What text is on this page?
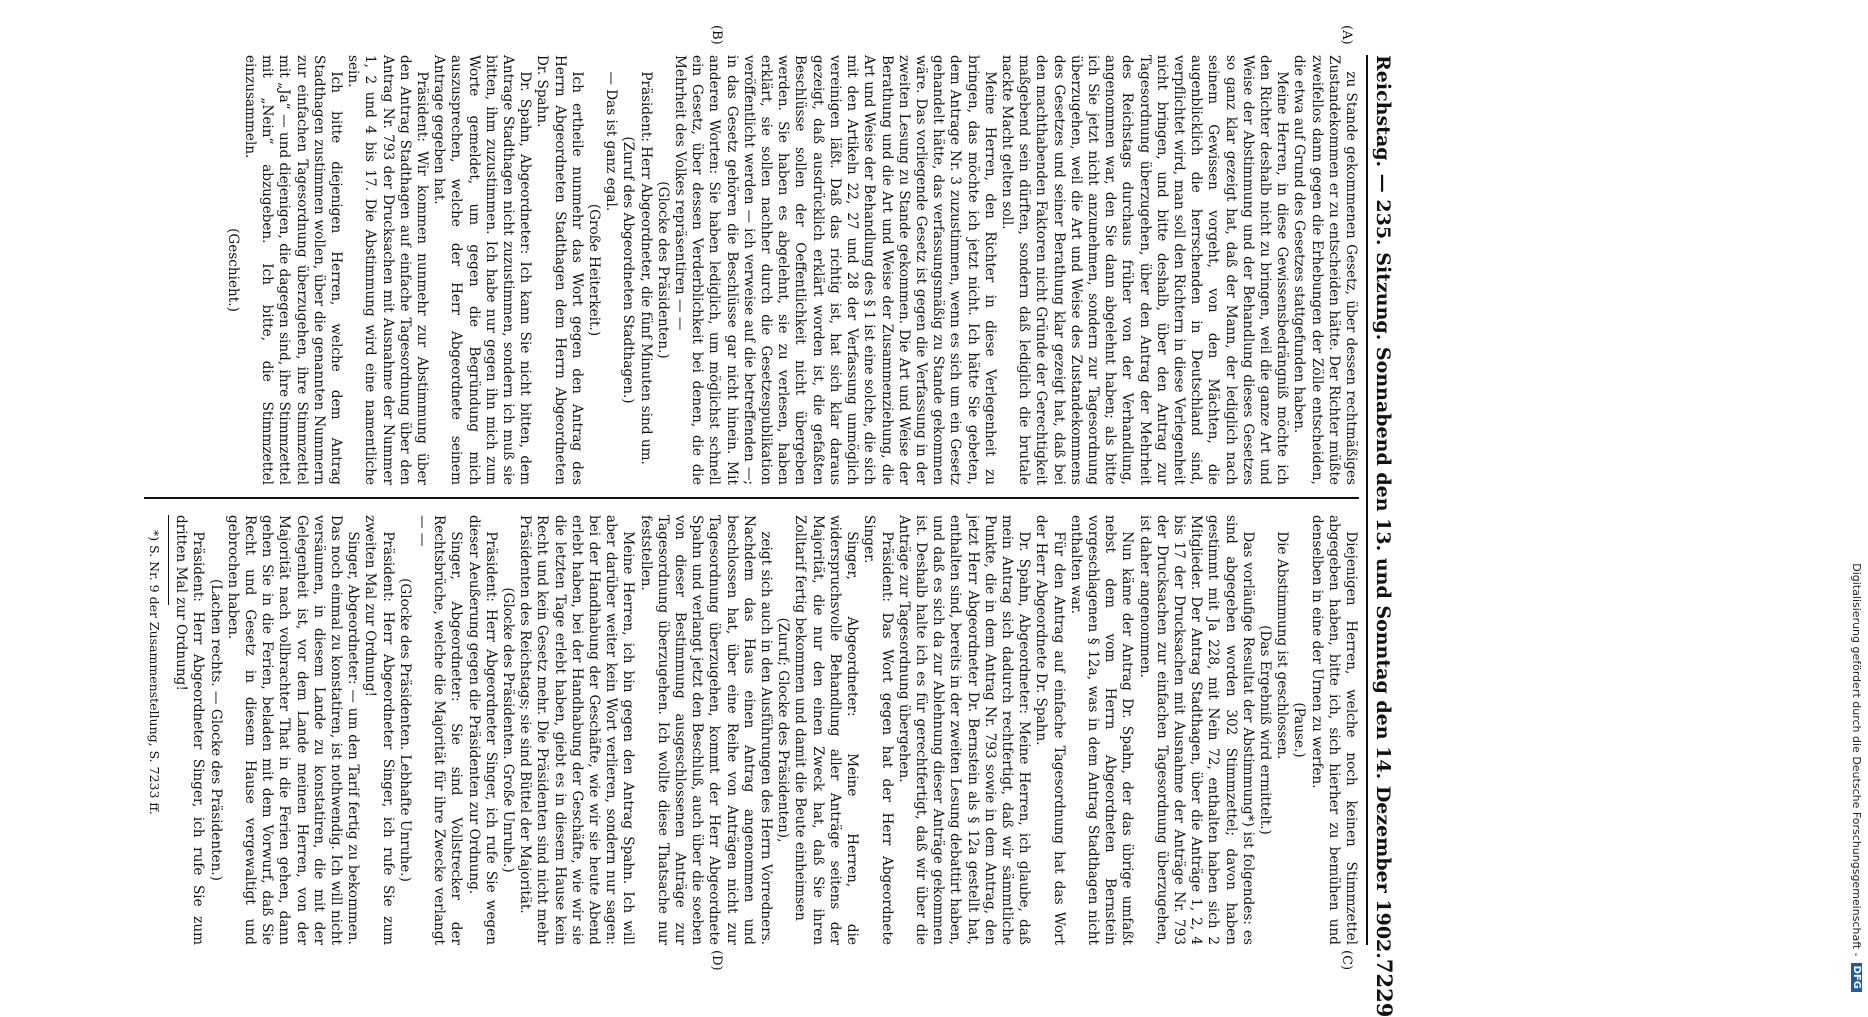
Reichstag. — 235. Sitzung. Sonnabend den 13. und Sonntag den 14. Dezember 1902.
7229
(A)
(B)
(C)
(D)

zu Stande gekommenen Gesetz, über dessen rechtmäßiges Zustandekommen er zu entscheiden hätte. Der Richter müßte zweifellos dann gegen die Erhebungen der Zölle entscheiden, die etwa auf Grund des Gesetzes stattgefunden haben.

Meine Herren, in diese Gewissensbedrängniß möchte ich den Richter deshalb nicht zu bringen, weil die ganze Art und Weise der Abstimmung und der Behandlung dieses Gesetzes so ganz klar gezeigt hat, daß der Mann, der lediglich nach seinem Gewissen vorgeht, von den Mächten, die augenblicklich die herrschenden in Deutschland sind, verpflichtet wird, man soll den Richtern in diese Verlegenheit nicht bringen, und bitte deshalb, über den Antrag zur Tagesordnung überzugehen, über den Antrag der Mehrheit des Reichstags durchaus früher von der Verhandlung, angenommen war, den Sie dann abgelehnt haben; als bitte ich Sie jetzt nicht anzunehmen, sondern zur Tagesordnung überzugehen, weil die Art und Weise des Zustandekommens des Gesetzes und seiner Berathung klar gezeigt hat, daß bei den machthabenden Faktoren nicht Gründe der Gerechtigkeit maßgebend sein dürften, sondern daß lediglich die brutale nackte Macht gelten soll.

Meine Herren, den Richter in diese Verlegenheit zu bringen, das möchte ich jetzt nicht. Ich hätte Sie gebeten, dem Antrage Nr. 3 zuzustimmen, wenn es sich um ein Gesetz gehandelt hätte, das verfassungsmäßig zu Stande gekommen wäre. Das vorliegende Gesetz ist gegen die Verfassung in der zweiten Lesung zu Stande gekommen. Die Art und Weise der Berathung und die Art und Weise der Zusammenziehung, die Art und Weise der Behandlung des § 1 ist eine solche, die sich mit den Artikeln 22, 27 und 28 der Verfassung unmöglich vereinigen läßt. Daß das richtig ist, hat sich klar daraus gezeigt, daß ausdrücklich erklärt worden ist, die gefaßten Beschlüsse sollen der Oeffentlichkeit nicht übergeben werden. Sie haben es abgelehnt, sie zu verlesen, haben erklärt, sie sollen nachher durch die Gesetzespublikation veröffentlicht werden — ich verweise auf die betreffenden —; in das Gesetz gehören die Beschlüsse gar nicht hinein. Mit anderen Worten: Sie haben lediglich, um möglichst schnell ein Gesetz, über dessen Verderblichkeit bei denen, die die Mehrheit des Volkes repräsentiren — —

(Glocke des Präsidenten.)

Präsident: Herr Abgeordneter, die fünf Minuten sind um.

(Zuruf des Abgeordneten Stadthagen.)

— Das ist ganz egal.

(Große Heiterkeit.)

Ich ertheile nunmehr das Wort gegen den Antrag des Herrn Abgeordneten Stadthagen dem Herrn Abgeordneten Dr. Spahn.

Dr. Spahn, Abgeordneter: Ich kann Sie nicht bitten, dem Antrage Stadthagen nicht zuzustimmen, sondern ich muß sie bitten, ihm zuzustimmen. Ich habe nur gegen ihn mich zum Worte gemeldet, um gegen die Begründung mich auszusprechen, welche der Herr Abgeordnete seinem Antrage gegeben hat.

Präsident: Wir kommen nunmehr zur Abstimmung über den Antrag Stadthagen auf einfache Tagesordnung über den Antrag Nr. 793 der Drucksachen mit Ausnahme der Nummer 1, 2 und 4 bis 17. Die Abstimmung wird eine namentliche sein.

Ich bitte diejenigen Herren, welche dem Antrag Stadthagen zustimmen wollen, über die genannten Nummern zur einfachen Tagesordnung überzugehen, ihre Stimmzettel mit „Ja“ — und diejenigen, die dagegen sind, ihre Stimmzettel mit „Nein“ abzugeben. Ich bitte, die Stimmzettel einzusammeln.

(Geschieht.)

Diejenigen Herren, welche noch keinen Stimmzettel abgegeben haben, bitte ich, sich hierher zu bemühen und denselben in eine der Urnen zu werfen.

(Pause.)

Die Abstimmung ist geschlossen.

(Das Ergebniß wird ermittelt.)

Das vorläufige Resultat der Abstimmung*) ist folgendes: es sind abgegeben worden 302 Stimmzettel; davon haben gestimmt mit Ja 228, mit Nein 72, enthalten haben sich 2 Mitglieder. Der Antrag Stadthagen, über die Anträge 1, 2, 4 bis 17 der Drucksachen mit Ausnahme der Anträge Nr. 793 der Drucksachen zur einfachen Tagesordnung überzugehen, ist daher angenommen.

Nun käme der Antrag Dr. Spahn, der das übrige umfaßt nebst dem vom Herrn Abgeordneten Bernstein vorgeschlagenen § 12a, was in dem Antrag Stadthagen nicht enthalten war.

Für den Antrag auf einfache Tagesordnung hat das Wort der Herr Abgeordnete Dr. Spahn.

Dr. Spahn, Abgeordneter: Meine Herren, ich glaube, daß mein Antrag sich dadurch rechtfertigt, daß wir sämmtliche Punkte, die in dem Antrag Nr. 793 sowie in dem Antrag, den jetzt Herr Abgeordneter Dr. Bernstein als § 12a gestellt hat, enthalten sind, bereits in der zweiten Lesung debattirt haben, und daß es sich da zur Ablehnung dieser Anträge gekommen ist. Deshalb halte ich es für gerechtfertigt, daß wir über die Anträge zur Tagesordnung übergehen.

Präsident: Das Wort gegen hat der Herr Abgeordnete Singer.

Singer, Abgeordneter: Meine Herren, die widerspruchsvolle Behandlung aller Anträge seitens der Majorität, die nur den einen Zweck hat, daß Sie ihren Zolltarif fertig bekommen und damit die Beute einheimsen

(Zuruf; Glocke des Präsidenten),

zeigt sich auch in den Ausführungen des Herrn Vorredners. Nachdem das Haus einen Antrag angenommen und beschlossen hat, über eine Reihe von Anträgen nicht zur Tagesordnung überzugehen, kommt der Herr Abgeordnete Spahn und verlangt jetzt den Beschluß, auch über die soeben von dieser Bestimmung ausgeschlossenen Anträge zur Tagesordnung überzugehen. Ich wollte diese Thatsache nur feststellen.

Meine Herren, ich bin gegen den Antrag Spahn. Ich will aber darüber weiter kein Wort verlieren, sondern nur sagen: bei der Handhabung der Geschäfte, wie wir sie heute Abend erlebt haben, bei der Handhabung der Geschäfte, wie wir sie die letzten Tage erlebt haben, giebt es in diesem Hause kein Recht und kein Gesetz mehr. Die Präsidenten sind nicht mehr Präsidenten des Reichstags; sie sind Büttel der Majorität.

(Glocke des Präsidenten. Große Unruhe.)

Präsident: Herr Abgeordneter Singer, ich rufe Sie wegen dieser Aeußerung gegen die Präsidenten zur Ordnung.

Singer, Abgeordneter: Sie sind Vollstrecker der Rechtsbrüche, welche die Majorität für ihre Zwecke verlangt — —

(Glocke des Präsidenten. Lebhafte Unruhe.)

Präsident: Herr Abgeordneter Singer, ich rufe Sie zum zweiten Mal zur Ordnung!

Singer, Abgeordneter: — um den Tarif fertig zu bekommen. Das noch einmal zu konstatiren, ist nothwendig. Ich will nicht versäumen, in diesem Lande zu konstatiren, die mit der Gelegenheit ist, vor dem Lande meinen Herren, von der Majorität nach vollbrachter That in die Ferien gehen, dann gehen Sie in die Ferien, beladen mit dem Vorwurf, daß Sie Recht und Gesetz in diesem Hause vergewaltigt und gebrochen haben.

(Lachen rechts. — Glocke des Präsidenten.)

Präsident: Herr Abgeordneter Singer, ich rufe Sie zum dritten Mal zur Ordnung!

*) S. Nr. 9 der Zusammenstellung, S. 7233 ff.	Digitalisierung gefördert durch die Deutsche Forschungsgemeinschaft -
DFG
